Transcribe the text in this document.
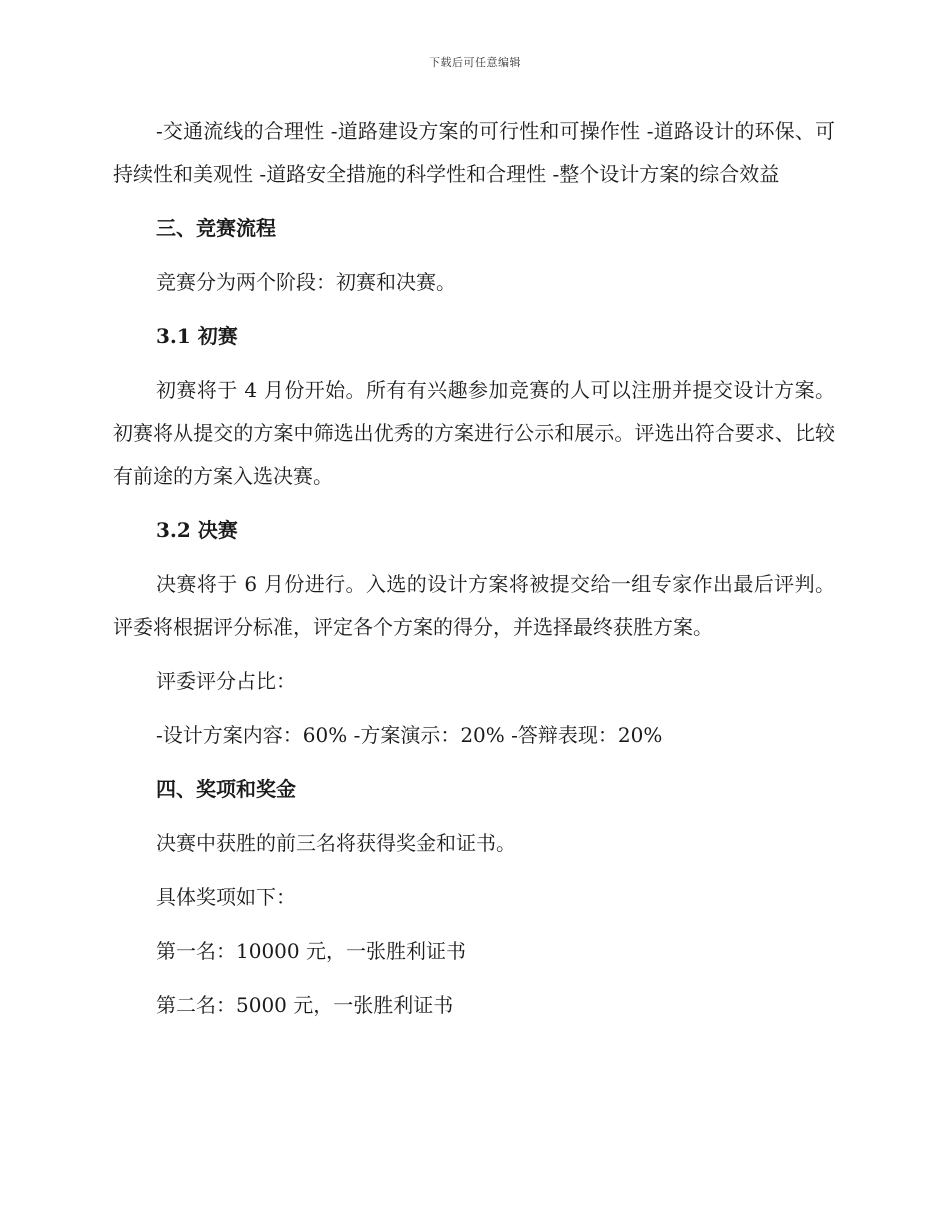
下载后可任意编辑

-交通流线的合理性 -道路建设方案的可行性和可操作性 -道路设计的环保、可持续性和美观性 -道路安全措施的科学性和合理性 -整个设计方案的综合效益

三、竞赛流程

竞赛分为两个阶段：初赛和决赛。

3.1 初赛

初赛将于 4 月份开始。所有有兴趣参加竞赛的人可以注册并提交设计方案。初赛将从提交的方案中筛选出优秀的方案进行公示和展示。评选出符合要求、比较有前途的方案入选决赛。

3.2 决赛

决赛将于 6 月份进行。入选的设计方案将被提交给一组专家作出最后评判。评委将根据评分标准，评定各个方案的得分，并选择最终获胜方案。

评委评分占比：

-设计方案内容：60% -方案演示：20% -答辩表现：20%

四、奖项和奖金

决赛中获胜的前三名将获得奖金和证书。

具体奖项如下：

第一名：10000 元，一张胜利证书

第二名：5000 元，一张胜利证书
